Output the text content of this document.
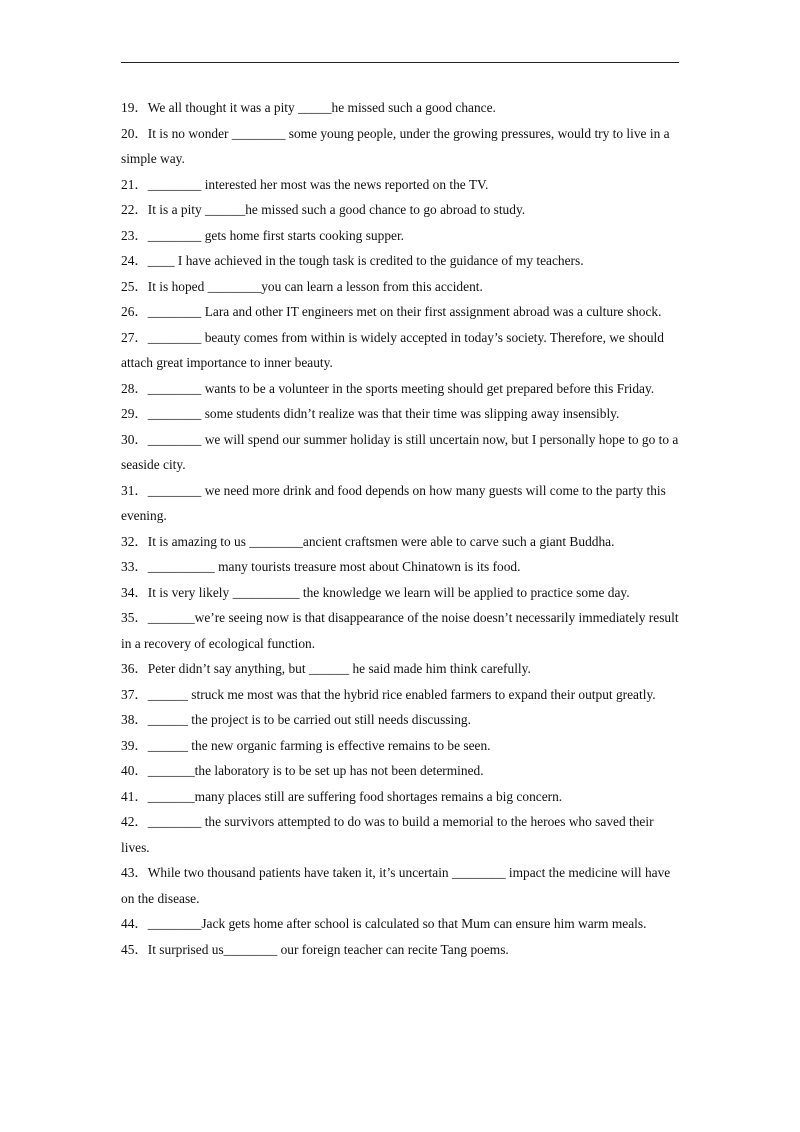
19．We all thought it was a pity _____he missed such a good chance.

20．It is no wonder ________ some young people, under the growing pressures, would try to live in a simple way.

21．________ interested her most was the news reported on the TV.

22．It is a pity ______he missed such a good chance to go abroad to study.

23．________ gets home first starts cooking supper.

24．____ I have achieved in the tough task is credited to the guidance of my teachers.

25．It is hoped ________you can learn a lesson from this accident.

26．________ Lara and other IT engineers met on their first assignment abroad was a culture shock.

27．________ beauty comes from within is widely accepted in today’s society. Therefore, we should attach great importance to inner beauty.

28．________ wants to be a volunteer in the sports meeting should get prepared before this Friday.

29．________ some students didn’t realize was that their time was slipping away insensibly.

30．________ we will spend our summer holiday is still uncertain now, but I personally hope to go to a seaside city.

31．________ we need more drink and food depends on how many guests will come to the party this evening.

32．It is amazing to us ________ancient craftsmen were able to carve such a giant Buddha.

33．__________ many tourists treasure most about Chinatown is its food.

34．It is very likely __________ the knowledge we learn will be applied to practice some day.

35．_______we’re seeing now is that disappearance of the noise doesn’t necessarily immediately result in a recovery of ecological function.

36．Peter didn’t say anything, but ______ he said made him think carefully.

37．______ struck me most was that the hybrid rice enabled farmers to expand their output greatly.

38．______ the project is to be carried out still needs discussing.

39．______ the new organic farming is effective remains to be seen.

40．_______the laboratory is to be set up has not been determined.

41．_______many places still are suffering food shortages remains a big concern.

42．________ the survivors attempted to do was to build a memorial to the heroes who saved their lives.

43．While two thousand patients have taken it, it’s uncertain ________ impact the medicine will have on the disease.

44．________Jack gets home after school is calculated so that Mum can ensure him warm meals.

45．It surprised us________ our foreign teacher can recite Tang poems.
